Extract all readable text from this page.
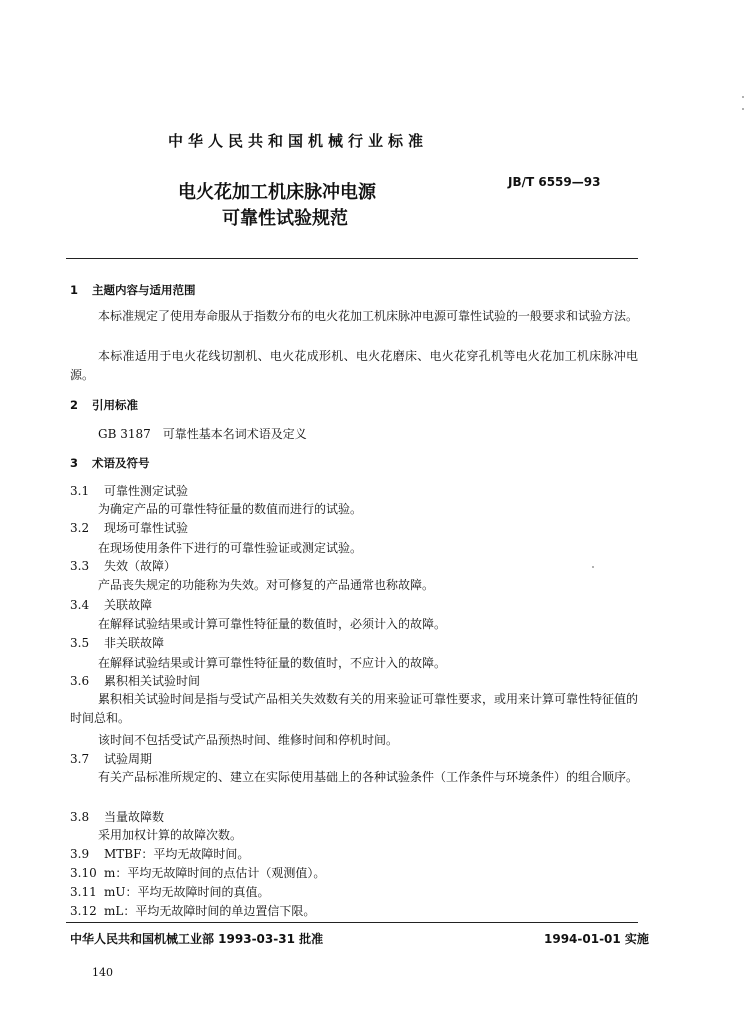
中华人民共和国机械行业标准
电火花加工机床脉冲电源
可靠性试验规范
JB/T 6559—93
1 主题内容与适用范围
本标准规定了使用寿命服从于指数分布的电火花加工机床脉冲电源可靠性试验的一般要求和试验方法。
本标准适用于电火花线切割机、电火花成形机、电火花磨床、电火花穿孔机等电火花加工机床脉冲电源。
2 引用标准
GB 3187　可靠性基本名词术语及定义
3 术语及符号
3.1 可靠性测定试验
为确定产品的可靠性特征量的数值而进行的试验。
3.2 现场可靠性试验
在现场使用条件下进行的可靠性验证或测定试验。
3.3 失效（故障）
产品丧失规定的功能称为失效。对可修复的产品通常也称故障。
3.4 关联故障
在解释试验结果或计算可靠性特征量的数值时，必须计入的故障。
3.5 非关联故障
在解释试验结果或计算可靠性特征量的数值时，不应计入的故障。
3.6 累积相关试验时间
累积相关试验时间是指与受试产品相关失效数有关的用来验证可靠性要求，或用来计算可靠性特征值的时间总和。
该时间不包括受试产品预热时间、维修时间和停机时间。
3.7 试验周期
有关产品标准所规定的、建立在实际使用基础上的各种试验条件（工作条件与环境条件）的组合顺序。
3.8 当量故障数
采用加权计算的故障次数。
3.9 MTBF：平均无故障时间。
3.10 m：平均无故障时间的点估计（观测值）。
3.11 mU：平均无故障时间的真值。
3.12 mL：平均无故障时间的单边置信下限。
中华人民共和国机械工业部 1993-03-31 批准	1994-01-01 实施
140
